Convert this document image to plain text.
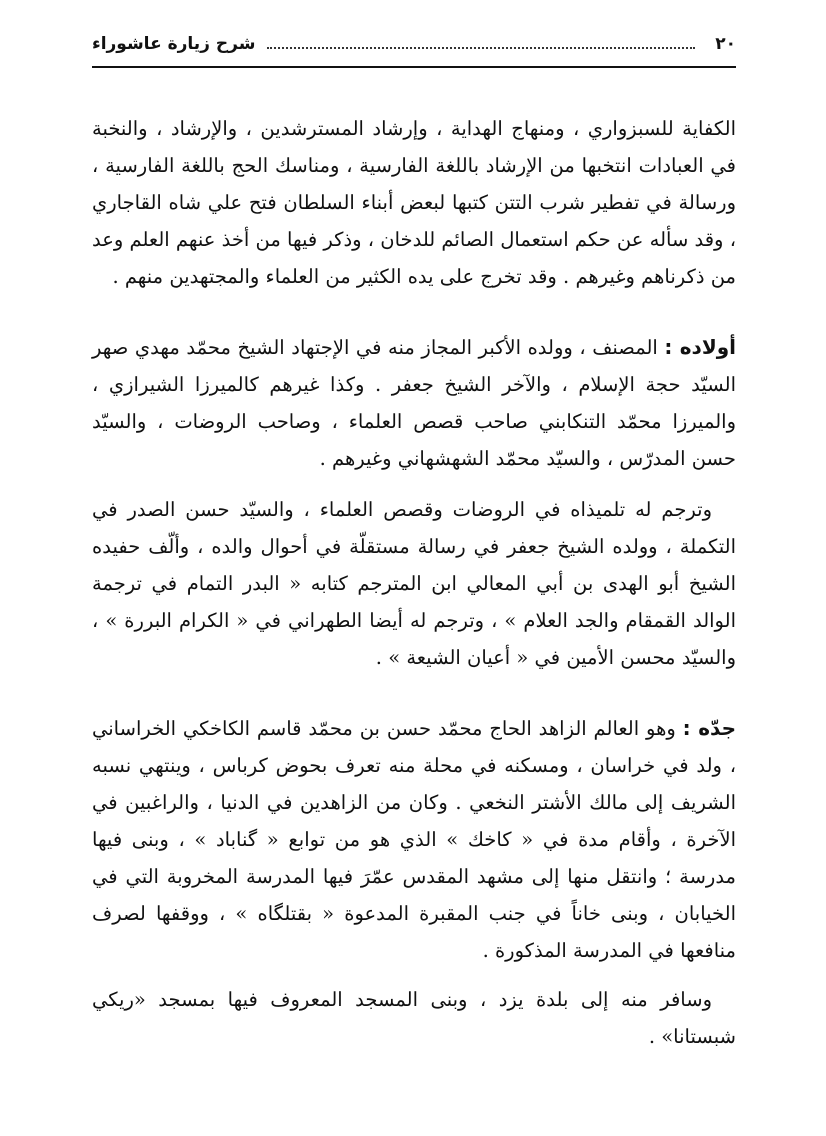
٢٠
شرح زيارة عاشوراء

الكفاية للسبزواري ، ومنهاج الهداية ، وإرشاد المسترشدين ، والإرشاد ، والنخبة في العبادات انتخبها من الإرشاد باللغة الفارسية ، ومناسك الحج باللغة الفارسية ، ورسالة في تفطير شرب التتن كتبها لبعض أبناء السلطان فتح علي شاه القاجاري ، وقد سأله عن حكم استعمال الصائم للدخان ، وذكر فيها من أخذ عنهم العلم وعد من ذكرناهم وغيرهم . وقد تخرج على يده الكثير من العلماء والمجتهدين منهم .

أولاده : المصنف ، وولده الأكبر المجاز منه في الإجتهاد الشيخ محمّد مهدي صهر السيّد حجة الإسلام ، والآخر الشيخ جعفر . وكذا غيرهم كالميرزا الشيرازي ، والميرزا محمّد التنكابني صاحب قصص العلماء ، وصاحب الروضات ، والسيّد حسن المدرّس ، والسيّد محمّد الشهشهاني وغيرهم .

وترجم له تلميذاه في الروضات وقصص العلماء ، والسيّد حسن الصدر في التكملة ، وولده الشيخ جعفر في رسالة مستقلّة في أحوال والده ، وألّف حفيده الشيخ أبو الهدى بن أبي المعالي ابن المترجم كتابه « البدر التمام في ترجمة الوالد القمقام والجد العلام » ، وترجم له أيضا الطهراني في « الكرام البررة » ، والسيّد محسن الأمين في « أعيان الشيعة » .

جدّه : وهو العالم الزاهد الحاج محمّد حسن بن محمّد قاسم الكاخكي الخراساني ، ولد في خراسان ، ومسكنه في محلة منه تعرف بحوض كرباس ، وينتهي نسبه الشريف إلى مالك الأشتر النخعي . وكان من الزاهدين في الدنيا ، والراغبين في الآخرة ، وأقام مدة في « كاخك » الذي هو من توابع « گناباد » ، وبنى فيها مدرسة ؛ وانتقل منها إلى مشهد المقدس عمّرَ فيها المدرسة المخروبة التي في الخيابان ، وبنى خاناً في جنب المقبرة المدعوة « بقتلگاه » ، ووقفها لصرف منافعها في المدرسة المذكورة .

وسافر منه إلى بلدة يزد ، وبنى المسجد المعروف فيها بمسجد «ريكي شبستانا» .
